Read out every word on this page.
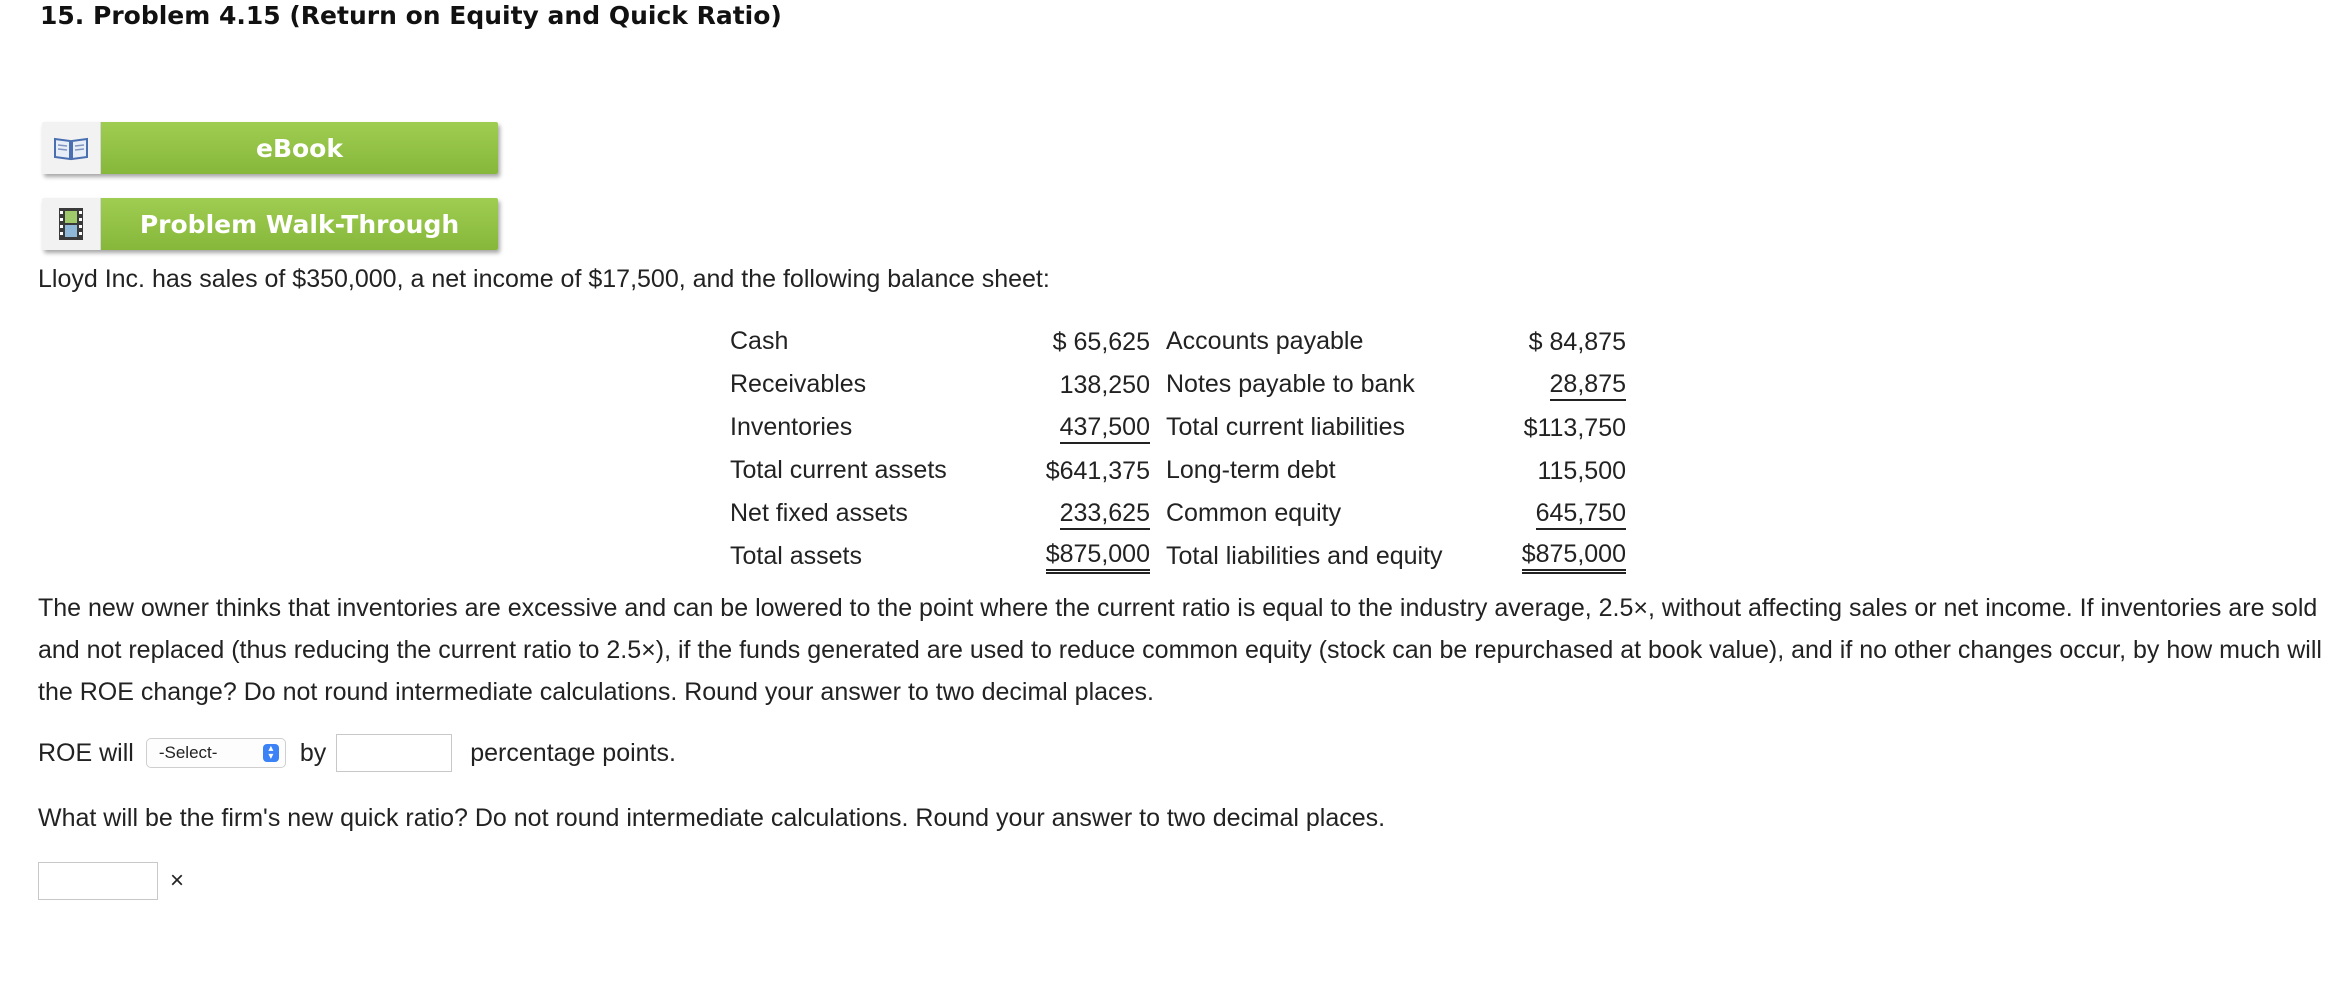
15. Problem 4.15 (Return on Equity and Quick Ratio)
eBook
Problem Walk-Through
Lloyd Inc. has sales of $350,000, a net income of $17,500, and the following balance sheet:
Cash	$ 65,625	Accounts payable	$ 84,875
Receivables	138,250	Notes payable to bank	28,875
Inventories	437,500	Total current liabilities	$113,750
Total current assets	$641,375	Long-term debt	115,500
Net fixed assets	233,625	Common equity	645,750
Total assets	$875,000	Total liabilities and equity	$875,000
The new owner thinks that inventories are excessive and can be lowered to the point where the current ratio is equal to the industry average, 2.5×, without affecting sales or net income. If inventories are sold and not replaced (thus reducing the current ratio to 2.5×), if the funds generated are used to reduce common equity (stock can be repurchased at book value), and if no other changes occur, by how much will the ROE change? Do not round intermediate calculations. Round your answer to two decimal places.
ROE will -Select-	▴
▾ by	percentage points.
What will be the firm's new quick ratio? Do not round intermediate calculations. Round your answer to two decimal places.
×
